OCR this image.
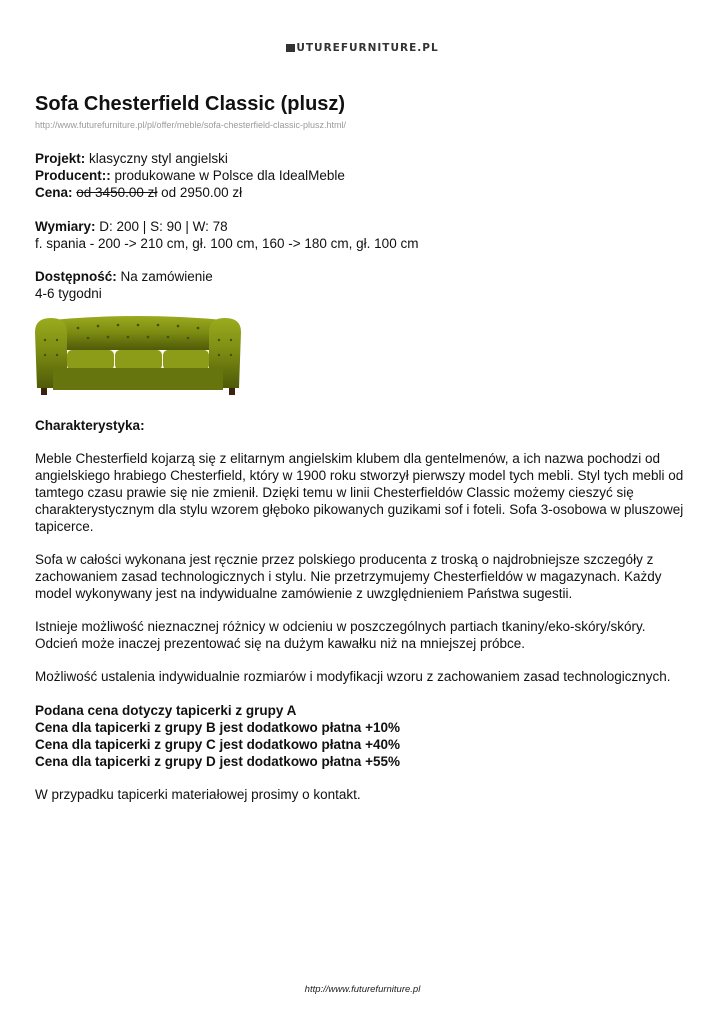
UTUREFURNITURE.PL
Sofa Chesterfield Classic (plusz)
http://www.futurefurniture.pl/pl/offer/meble/sofa-chesterfield-classic-plusz.html/
Projekt: klasyczny styl angielski
Producent:: produkowane w Polsce dla IdealMeble
Cena: od 3450.00 zł od 2950.00 zł
Wymiary: D: 200 | S: 90 | W: 78
f. spania - 200 -> 210 cm, gł. 100 cm, 160 -> 180 cm, gł. 100 cm
Dostępność: Na zamówienie
4-6 tygodni
Charakterystyka:
Meble Chesterfield kojarzą się z elitarnym angielskim klubem dla gentelmenów, a ich nazwa pochodzi od angielskiego hrabiego Chesterfield, który w 1900 roku stworzył pierwszy model tych mebli. Styl tych mebli od tamtego czasu prawie się nie zmienił. Dzięki temu w linii Chesterfieldów Classic możemy cieszyć się charakterystycznym dla stylu wzorem głęboko pikowanych guzikami sof i foteli. Sofa 3-osobowa w pluszowej tapicerce.
Sofa w całości wykonana jest ręcznie przez polskiego producenta z troską o najdrobniejsze szczegóły z zachowaniem zasad technologicznych i stylu. Nie przetrzymujemy Chesterfieldów w magazynach. Każdy model wykonywany jest na indywidualne zamówienie z uwzględnieniem Państwa sugestii.
Istnieje możliwość nieznacznej różnicy w odcieniu w poszczególnych partiach tkaniny/eko-skóry/skóry.
Odcień może inaczej prezentować się na dużym kawałku niż na mniejszej próbce.
Możliwość ustalenia indywidualnie rozmiarów i modyfikacji wzoru z zachowaniem zasad technologicznych.
Podana cena dotyczy tapicerki z grupy A
Cena dla tapicerki z grupy B jest dodatkowo płatna +10%
Cena dla tapicerki z grupy C jest dodatkowo płatna +40%
Cena dla tapicerki z grupy D jest dodatkowo płatna +55%
W przypadku tapicerki materiałowej prosimy o kontakt.
http://www.futurefurniture.pl
